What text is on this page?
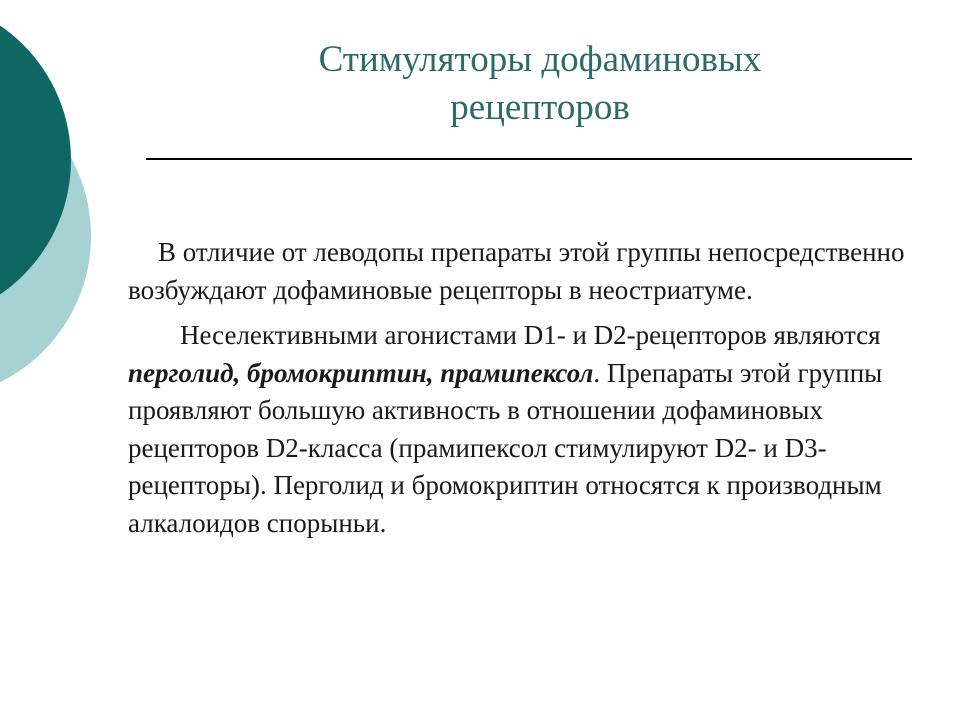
Стимуляторы дофаминовых
рецепторов

В отличие от леводопы препараты этой группы непосредственно возбуждают дофаминовые рецепторы в неостриатуме.

Неселективными агонистами D1- и D2-рецепторов являются перголид, бромокриптин, прамипексол. Препараты этой группы проявляют большую активность в отношении дофаминовых рецепторов D2-класса (прамипексол стимулируют D2- и D3-рецепторы). Перголид и бромокриптин относятся к производным алкалоидов спорыньи.
